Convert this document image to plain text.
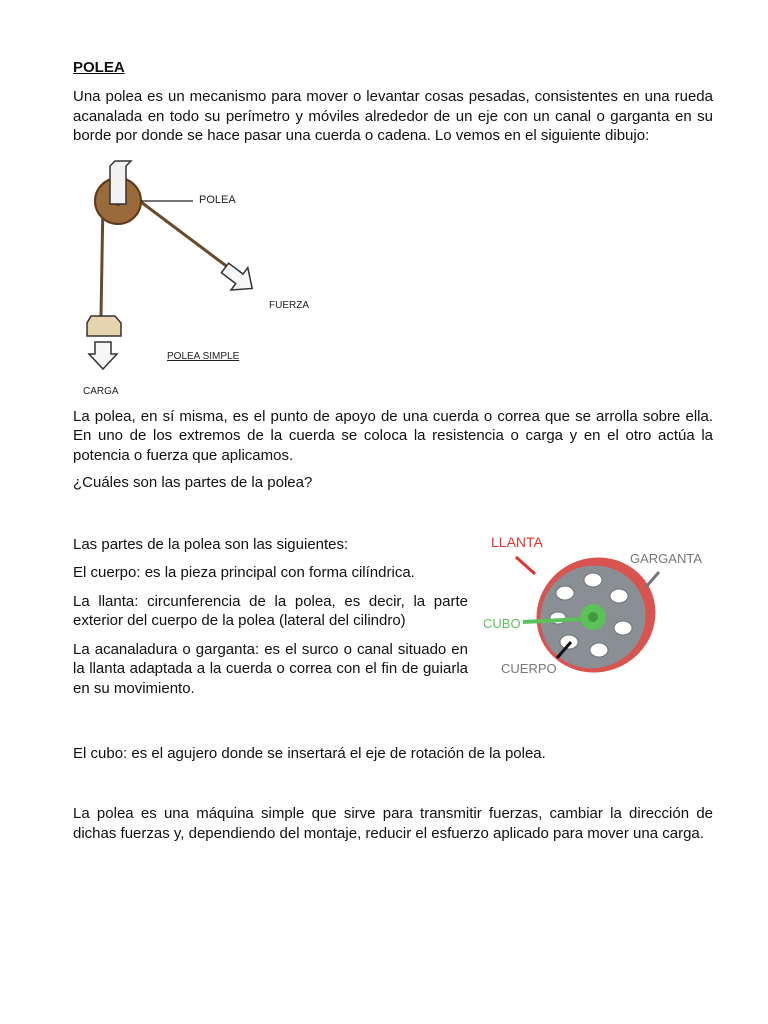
POLEA

Una polea es un mecanismo para mover o levantar cosas pesadas, consistentes en una rueda acanalada en todo su perímetro y móviles alrededor de un eje con un canal o garganta en su borde por donde se hace pasar una cuerda o cadena. Lo vemos en el siguiente dibujo:

POLEA
FUERZA
CARGA
POLEA SIMPLE

La polea, en sí misma, es el punto de apoyo de una cuerda o correa que se arrolla sobre ella. En uno de los extremos de la cuerda se coloca la resistencia o carga y en el otro actúa la potencia o fuerza que aplicamos.

¿Cuáles son las partes de la polea?

Las partes de la polea son las siguientes:

El cuerpo: es la pieza principal con forma cilíndrica.

La llanta: circunferencia de la polea, es decir, la parte exterior del cuerpo de la polea (lateral del cilindro)

La acanaladura o garganta: es el surco o canal situado en la llanta adaptada a la cuerda o correa con el fin de guiarla en su movimiento.

LLANTA
GARGANTA
CUBO
CUERPO

El cubo: es el agujero donde se insertará el eje de rotación de la polea.

La polea es una máquina simple que sirve para transmitir fuerzas, cambiar la dirección de dichas fuerzas y, dependiendo del montaje, reducir el esfuerzo aplicado para mover una carga.
